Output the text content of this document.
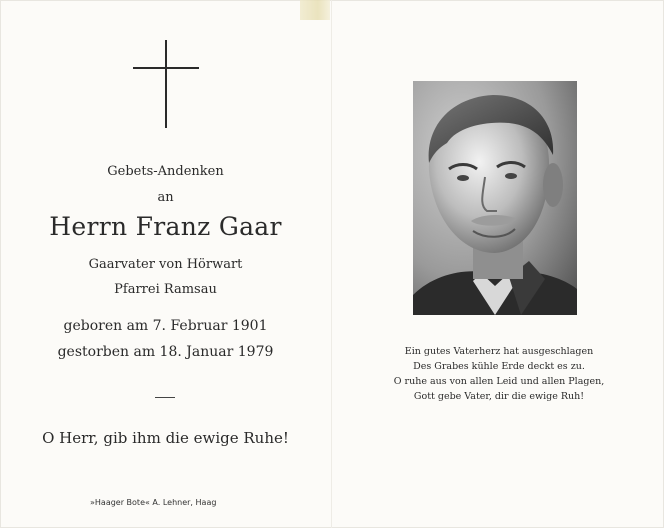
Gebets-Andenken
an
Herrn Franz Gaar
Gaarvater von Hörwart
Pfarrei Ramsau
geboren am 7. Februar 1901
gestorben am 18. Januar 1979
O Herr, gib ihm die ewige Ruhe!
»Haager Bote« A. Lehner, Haag
Ein gutes Vaterherz hat ausgeschlagen
Des Grabes kühle Erde deckt es zu.
O ruhe aus von allen Leid und allen Plagen,
Gott gebe Vater, dir die ewige Ruh!
